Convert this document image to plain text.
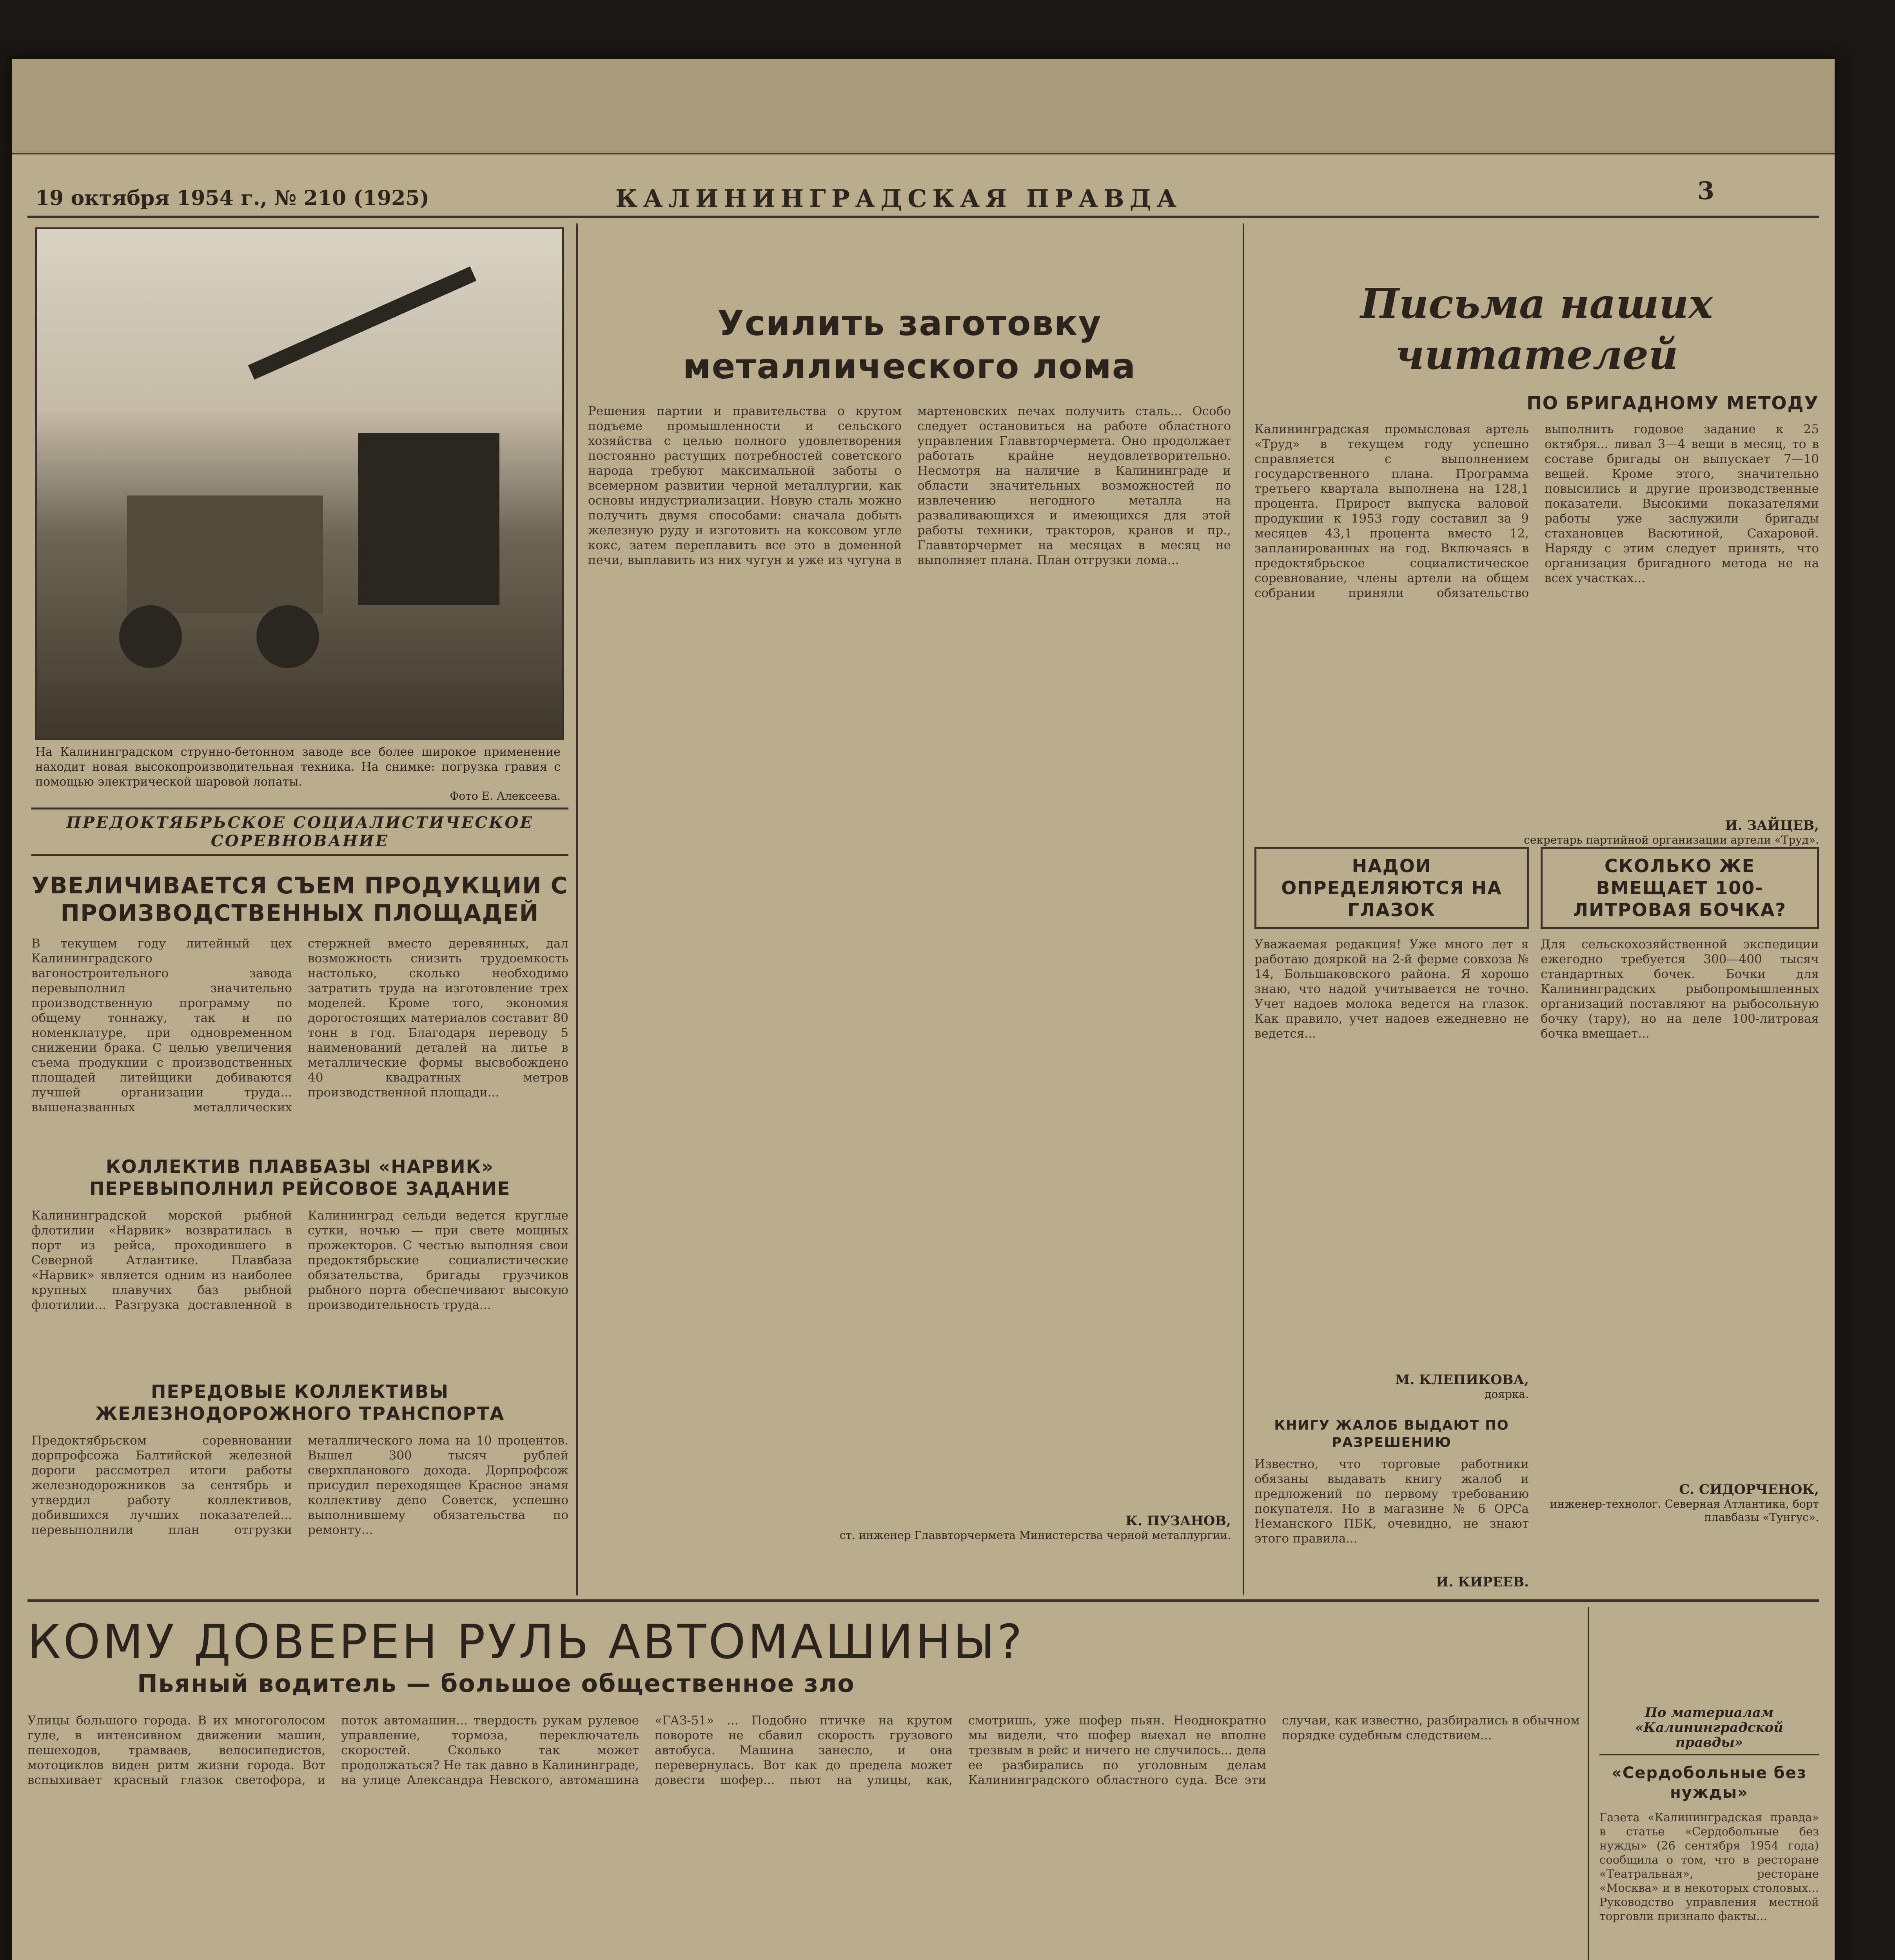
19 октября 1954 г., № 210 (1925)	КАЛИНИНГРАДСКАЯ ПРАВДА	3
На Калининградском струнно-бетонном заводе все более широкое применение находит новая высокопроизводительная техника. На снимке: погрузка гравия с помощью электрической шаровой лопаты.
Фото Е. Алексеева.
ПРЕДОКТЯБРЬСКОЕ СОЦИАЛИСТИЧЕСКОЕ СОРЕВНОВАНИЕ
УВЕЛИЧИВАЕТСЯ СЪЕМ ПРОДУКЦИИ С ПРОИЗВОДСТВЕННЫХ ПЛОЩАДЕЙ
В текущем году литейный цех Калининградского вагоностроительного завода перевыполнил значительно производственную программу по общему тоннажу, так и по номенклатуре, при одновременном снижении брака. С целью увеличения съема продукции с производственных площадей литейщики добиваются лучшей организации труда... вышеназванных металлических стержней вместо деревянных, дал возможность снизить трудоемкость настолько, сколько необходимо затратить труда на изготовление трех моделей. Кроме того, экономия дорогостоящих материалов составит 80 тонн в год. Благодаря переводу 5 наименований деталей на литье в металлические формы высвобождено 40 квадратных метров производственной площади...
КОЛЛЕКТИВ ПЛАВБАЗЫ «НАРВИК» ПЕРЕВЫПОЛНИЛ РЕЙСОВОЕ ЗАДАНИЕ
Калининградской морской рыбной флотилии «Нарвик» возвратилась в порт из рейса, проходившего в Северной Атлантике. Плавбаза «Нарвик» является одним из наиболее крупных плавучих баз рыбной флотилии... Разгрузка доставленной в Калининград сельди ведется круглые сутки, ночью — при свете мощных прожекторов. С честью выполняя свои предоктябрьские социалистические обязательства, бригады грузчиков рыбного порта обеспечивают высокую производительность труда...
ПЕРЕДОВЫЕ КОЛЛЕКТИВЫ ЖЕЛЕЗНОДОРОЖНОГО ТРАНСПОРТА
Предоктябрьском соревновании дорпрофсожа Балтийской железной дороги рассмотрел итоги работы железнодорожников за сентябрь и утвердил работу коллективов, добившихся лучших показателей... перевыполнили план отгрузки металлического лома на 10 процентов. Вышел 300 тысяч рублей сверхпланового дохода. Дорпрофсож присудил переходящее Красное знамя коллективу депо Советск, успешно выполнившему обязательства по ремонту...
Усилить заготовку металлического лома
Решения партии и правительства о крутом подъеме промышленности и сельского хозяйства с целью полного удовлетворения постоянно растущих потребностей советского народа требуют максимальной заботы о всемерном развитии черной металлургии, как основы индустриализации. Новую сталь можно получить двумя способами: сначала добыть железную руду и изготовить на коксовом угле кокс, затем переплавить все это в доменной печи, выплавить из них чугун и уже из чугуна в мартеновских печах получить сталь... Особо следует остановиться на работе областного управления Главвторчермета. Оно продолжает работать крайне неудовлетворительно. Несмотря на наличие в Калининграде и области значительных возможностей по извлечению негодного металла на разваливающихся и имеющихся для этой работы техники, тракторов, кранов и пр., Главвторчермет на месяцах в месяц не выполняет плана. План отгрузки лома...
К. ПУЗАНОВ,
ст. инженер Главвторчермета Министерства черной металлургии.
Письма наших читателей
ПО БРИГАДНОМУ МЕТОДУ
Калининградская промысловая артель «Труд» в текущем году успешно справляется с выполнением государственного плана. Программа третьего квартала выполнена на 128,1 процента. Прирост выпуска валовой продукции к 1953 году составил за 9 месяцев 43,1 процента вместо 12, запланированных на год. Включаясь в предоктябрьское социалистическое соревнование, члены артели на общем собрании приняли обязательство выполнить годовое задание к 25 октября... ливал 3—4 вещи в месяц, то в составе бригады он выпускает 7—10 вещей. Кроме этого, значительно повысились и другие производственные показатели. Высокими показателями работы уже заслужили бригады стахановцев Васютиной, Сахаровой. Наряду с этим следует принять, что организация бригадного метода не на всех участках...
И. ЗАЙЦЕВ,
секретарь партийной организации артели «Труд».
НАДОИ ОПРЕДЕЛЯЮТСЯ НА ГЛАЗОК
Уважаемая редакция! Уже много лет я работаю дояркой на 2-й ферме совхоза № 14, Большаковского района. Я хорошо знаю, что надой учитывается не точно. Учет надоев молока ведется на глазок. Как правило, учет надоев ежедневно не ведется...
М. КЛЕПИКОВА,
доярка.
КНИГУ ЖАЛОБ ВЫДАЮТ ПО РАЗРЕШЕНИЮ
Известно, что торговые работники обязаны выдавать книгу жалоб и предложений по первому требованию покупателя. Но в магазине № 6 ОРСа Неманского ПБК, очевидно, не знают этого правила...
И. КИРЕЕВ.
СКОЛЬКО ЖЕ ВМЕЩАЕТ 100-ЛИТРОВАЯ БОЧКА?
Для сельскохозяйственной экспедиции ежегодно требуется 300—400 тысяч стандартных бочек. Бочки для Калининградских рыбопромышленных организаций поставляют на рыбосольную бочку (тару), но на деле 100-литровая бочка вмещает...
С. СИДОРЧЕНОК,
инженер-технолог. Северная Атлантика, борт плавбазы «Тунгус».
КОМУ ДОВЕРЕН РУЛЬ АВТОМАШИНЫ?
Пьяный водитель — большое общественное зло
Улицы большого города. В их многоголосом гуле, в интенсивном движении машин, пешеходов, трамваев, велосипедистов, мотоциклов виден ритм жизни города. Вот вспыхивает красный глазок светофора, и поток автомашин... твердость рукам рулевое управление, тормоза, переключатель скоростей. Сколько так может продолжаться? Не так давно в Калининграде, на улице Александра Невского, автомашина «ГАЗ-51» ... Подобно птичке на крутом повороте не сбавил скорость грузового автобуса. Машина занесло, и она перевернулась. Вот как до предела может довести шофер... пьют на улицы, как, смотришь, уже шофер пьян. Неоднократно мы видели, что шофер выехал не вполне трезвым в рейс и ничего не случилось... дела ее разбирались по уголовным делам Калининградского областного суда. Все эти случаи, как известно, разбирались в обычном порядке судебным следствием...
По материалам «Калининградской правды»
«Сердобольные без нужды»
Газета «Калининградская правда» в статье «Сердобольные без нужды» (26 сентября 1954 года) сообщила о том, что в ресторане «Театральная», ресторане «Москва» и в некоторых столовых... Руководство управления местной торговли признало факты...
